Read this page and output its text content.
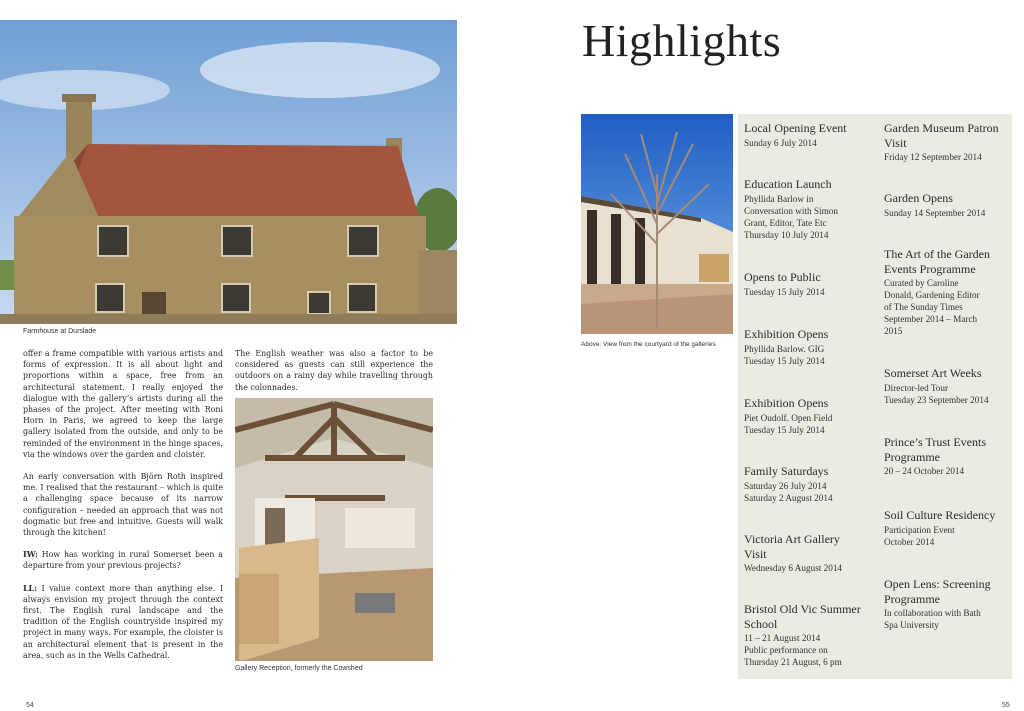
Farmhouse at Durslade

offer a frame compatible with various artists and forms of expression. It is all about light and proportions within a space, free from an architectural statement. I really enjoyed the dialogue with the gallery’s artists during all the phases of the project. After meeting with Roni Horn in Paris, we agreed to keep the large gallery isolated from the outside, and only to be reminded of the environment in the hinge spaces, via the windows over the garden and cloister.

An early conversation with Björn Roth inspired me. I realised that the restaurant – which is quite a challenging space because of its narrow configuration – needed an approach that was not dogmatic but free and intuitive. Guests will walk through the kitchen!

IW: How has working in rural Somerset been a departure from your previous projects?

LL: I value context more than anything else. I always envision my project through the context first. The English rural landscape and the tradition of the English countryside inspired my project in many ways. For example, the cloister is an architectural element that is present in the area, such as in the Wells Cathedral.

The English weather was also a factor to be considered as guests can still experience the outdoors on a rainy day while travelling through the colonnades.

Gallery Reception, formerly the Cowshed
54
Highlights
Above: View from the courtyard of the galleries
Local Opening Event
Sunday 6 July 2014
Education Launch
Phyllida Barlow in
Conversation with Simon
Grant, Editor, Tate Etc
Thursday 10 July 2014
Opens to Public
Tuesday 15 July 2014
Exhibition Opens
Phyllida Barlow. GIG
Tuesday 15 July 2014
Exhibition Opens
Piet Oudolf. Open Field
Tuesday 15 July 2014
Family Saturdays
Saturday 26 July 2014
Saturday 2 August 2014
Victoria Art Gallery Visit
Wednesday 6 August 2014
Bristol Old Vic Summer School
11 – 21 August 2014
Public performance on
Thursday 21 August, 6 pm
Garden Museum Patron Visit
Friday 12 September 2014
Garden Opens
Sunday 14 September 2014
The Art of the Garden Events Programme
Curated by Caroline
Donald, Gardening Editor
of The Sunday Times
September 2014 – March
2015
Somerset Art Weeks
Director-led Tour
Tuesday 23 September 2014
Prince’s Trust Events Programme
20 – 24 October 2014
Soil Culture Residency
Participation Event
October 2014
Open Lens: Screening Programme
In collaboration with Bath
Spa University
55
